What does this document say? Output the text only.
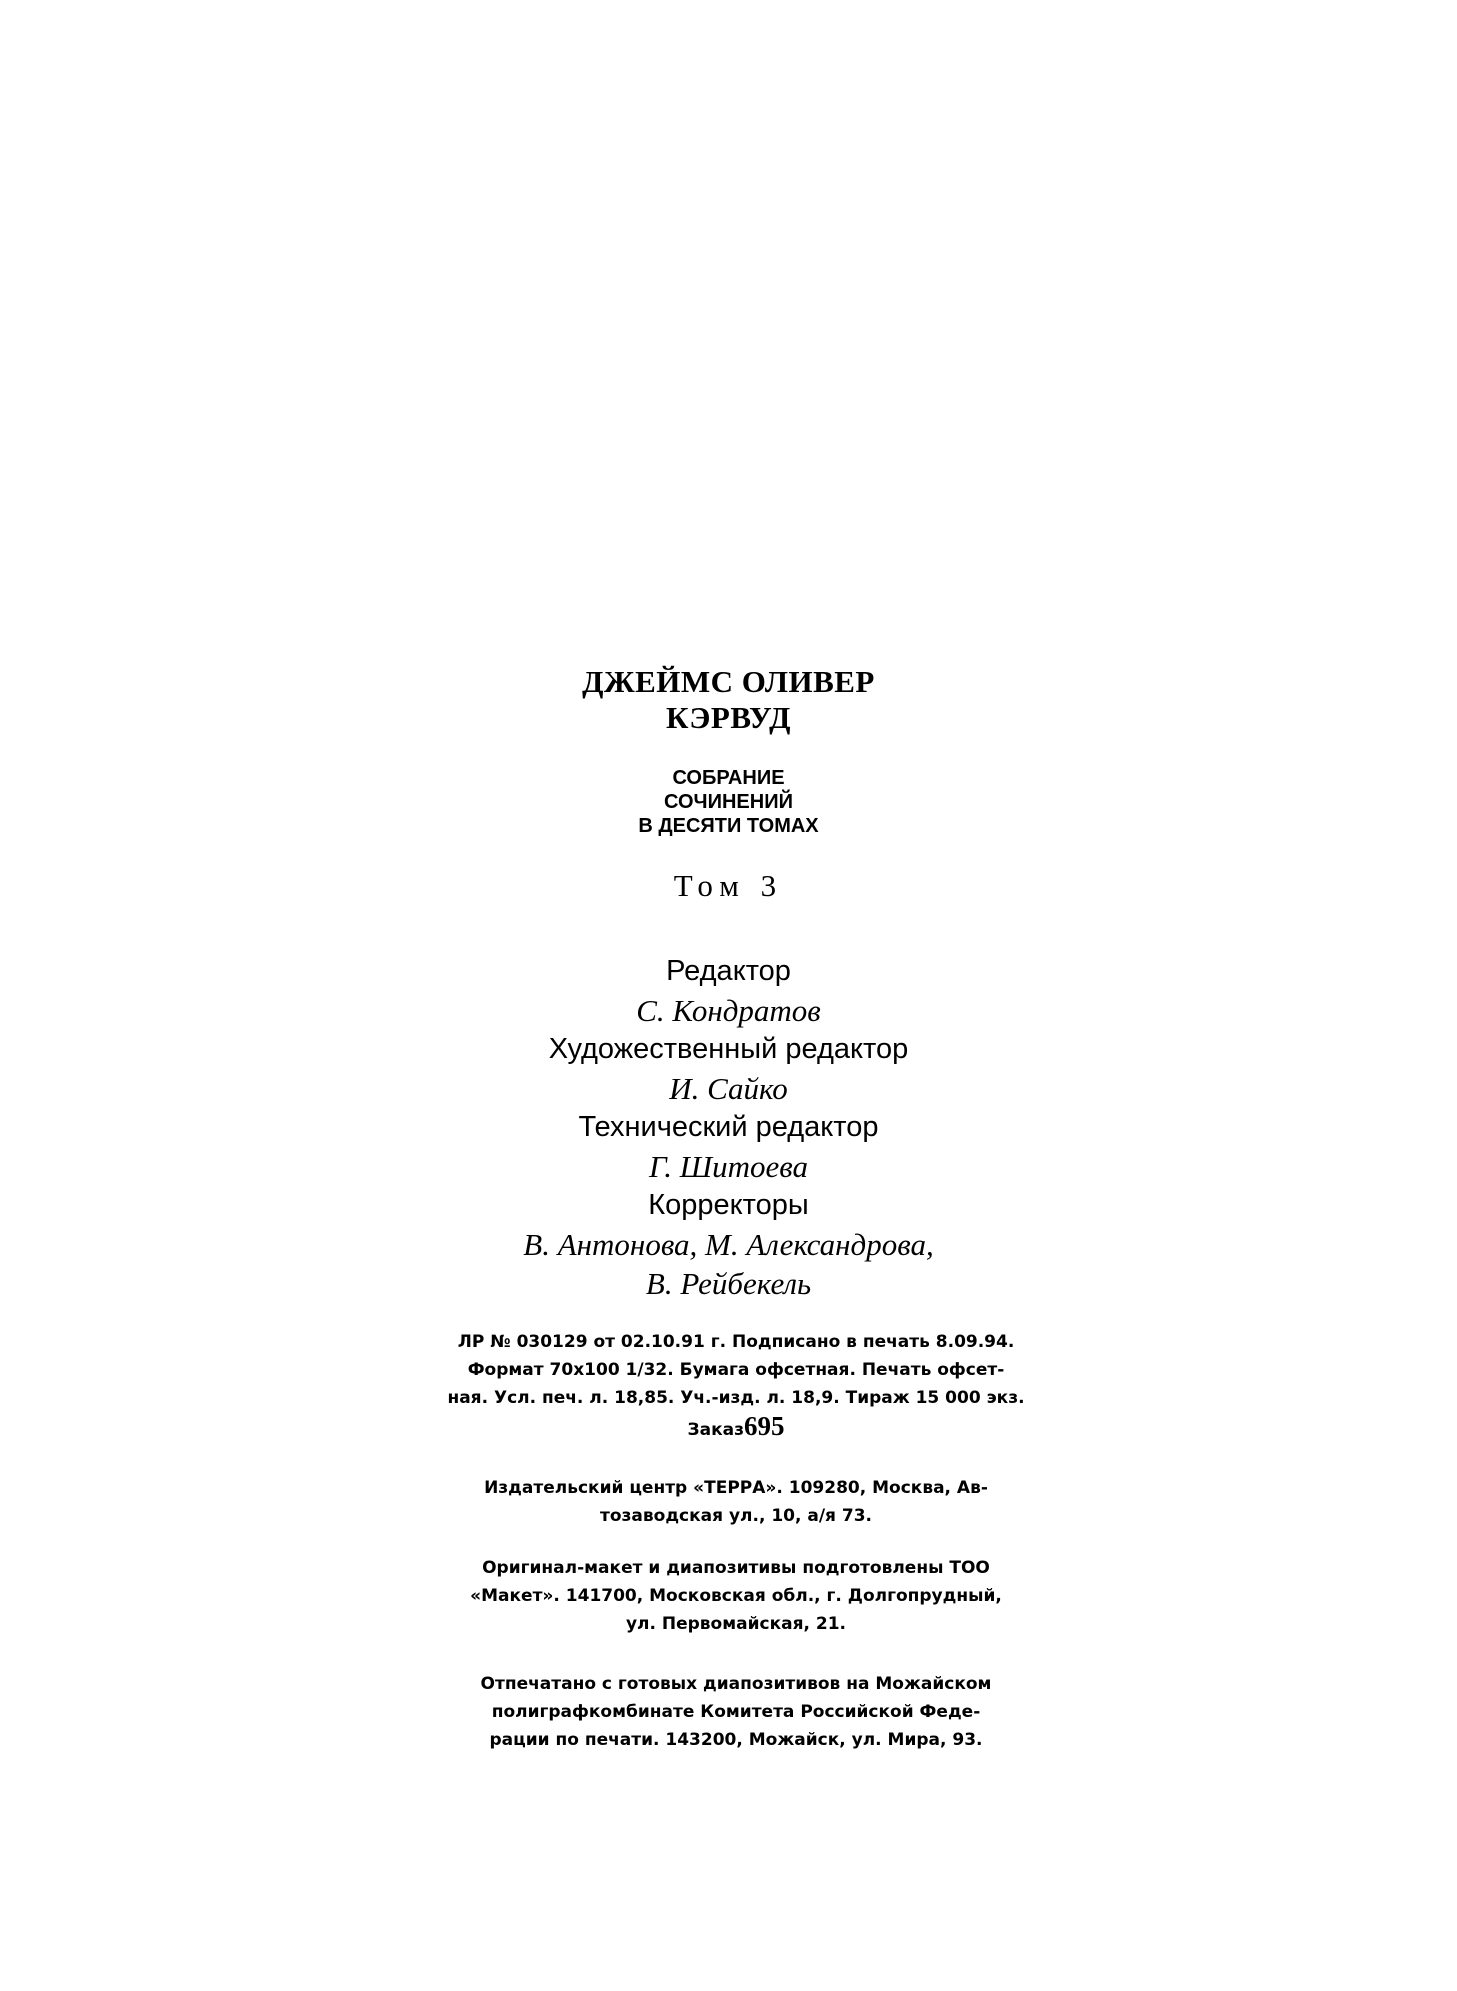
ДЖЕЙМС ОЛИВЕР
КЭРВУД
СОБРАНИЕ
СОЧИНЕНИЙ
В ДЕСЯТИ ТОМАХ
Том 3
Редактор
С. Кондратов
Художественный редактор
И. Сайко
Технический редактор
Г. Шитоева
Корректоры
В. Антонова, М. Александрова,
В. Рейбекель
ЛР № 030129 от 02.10.91 г. Подписано в печать 8.09.94.
Формат 70х100 1/32. Бумага офсетная. Печать офсет-
ная. Усл. печ. л. 18,85. Уч.-изд. л. 18,9. Тираж 15 000 экз.
Заказ695
Издательский центр «ТЕРРА». 109280, Москва, Ав-
тозаводская ул., 10, а/я 73.
Оригинал-макет и диапозитивы подготовлены ТОО
«Макет». 141700, Московская обл., г. Долгопрудный,
ул. Первомайская, 21.
Отпечатано с готовых диапозитивов на Можайском
полиграфкомбинате Комитета Российской Феде-
рации по печати. 143200, Можайск, ул. Мира, 93.
